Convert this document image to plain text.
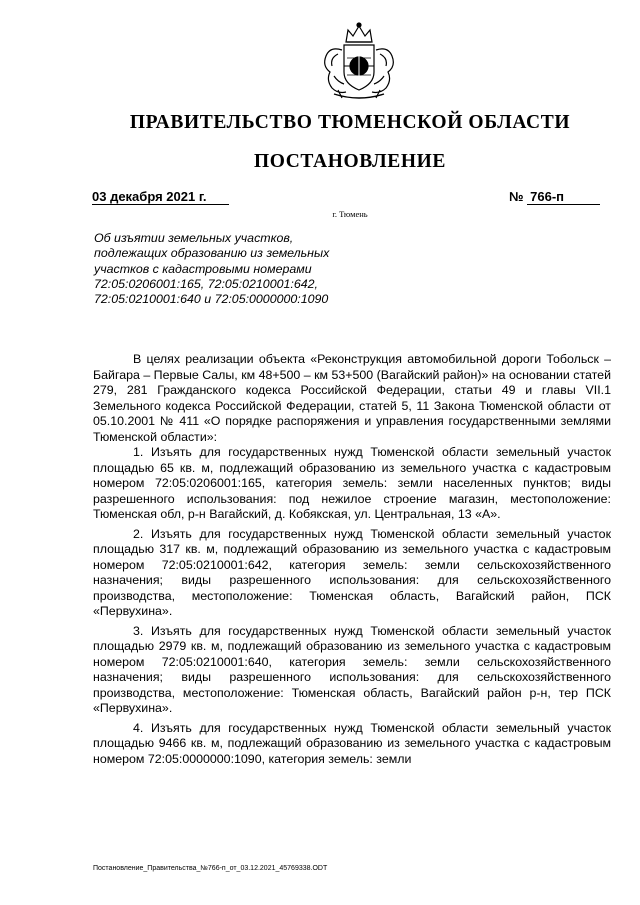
ПРАВИТЕЛЬСТВО ТЮМЕНСКОЙ ОБЛАСТИ
ПОСТАНОВЛЕНИЕ
03 декабря 2021 г.	№ 766-п
г. Тюмень
Об изъятии земельных участков,
подлежащих образованию из земельных
участков с кадастровыми номерами
72:05:0206001:165, 72:05:0210001:642,
72:05:0210001:640 и 72:05:0000000:1090

В целях реализации объекта «Реконструкция автомобильной дороги Тобольск – Байгара – Первые Салы, км 48+500 – км 53+500 (Вагайский район)» на основании статей 279, 281 Гражданского кодекса Российской Федерации, статьи 49 и главы VII.1 Земельного кодекса Российской Федерации, статей 5, 11 Закона Тюменской области от 05.10.2001 № 411 «О порядке распоряжения и управления государственными землями Тюменской области»:

1. Изъять для государственных нужд Тюменской области земельный участок площадью 65 кв. м, подлежащий образованию из земельного участка с кадастровым номером 72:05:0206001:165, категория земель: земли населенных пунктов; виды разрешенного использования: под нежилое строение магазин, местоположение: Тюменская обл, р-н Вагайский, д. Кобякская, ул. Центральная, 13 «А».

2. Изъять для государственных нужд Тюменской области земельный участок площадью 317 кв. м, подлежащий образованию из земельного участка с кадастровым номером 72:05:0210001:642, категория земель: земли сельскохозяйственного назначения; виды разрешенного использования: для сельскохозяйственного производства, местоположение: Тюменская область, Вагайский район, ПСК «Первухина».

3. Изъять для государственных нужд Тюменской области земельный участок площадью 2979 кв. м, подлежащий образованию из земельного участка с кадастровым номером 72:05:0210001:640, категория земель: земли сельскохозяйственного назначения; виды разрешенного использования: для сельскохозяйственного производства, местоположение: Тюменская область, Вагайский район р-н, тер ПСК «Первухина».

4. Изъять для государственных нужд Тюменской области земельный участок площадью 9466 кв. м, подлежащий образованию из земельного участка с кадастровым номером 72:05:0000000:1090, категория земель: земли

Постановление_Правительства_№766-п_от_03.12.2021_45769338.ODT
